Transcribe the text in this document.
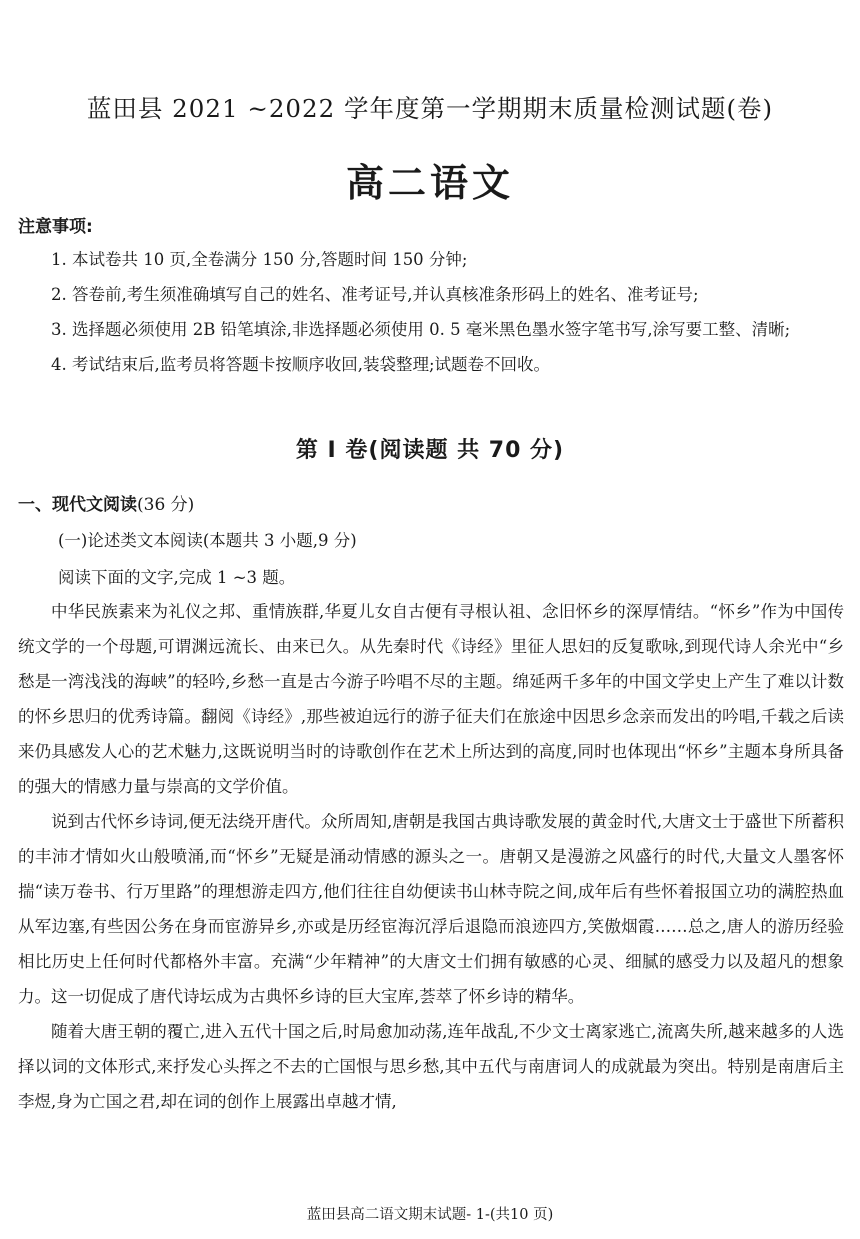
蓝田县 2021 ~2022 学年度第一学期期末质量检测试题(卷)
高二语文
注意事项:

1. 本试卷共 10 页,全卷满分 150 分,答题时间 150 分钟;

2. 答卷前,考生须准确填写自己的姓名、准考证号,并认真核准条形码上的姓名、准考证号;

3. 选择题必须使用 2B 铅笔填涂,非选择题必须使用 0. 5 毫米黑色墨水签字笔书写,涂写要工整、清晰;

4. 考试结束后,监考员将答题卡按顺序收回,装袋整理;试题卷不回收。

第 Ⅰ 卷(阅读题 共 70 分)
一、现代文阅读(36 分)
(一)论述类文本阅读(本题共 3 小题,9 分)
阅读下面的文字,完成 1 ~3 题。

中华民族素来为礼仪之邦、重情族群,华夏儿女自古便有寻根认祖、念旧怀乡的深厚情结。“怀乡”作为中国传统文学的一个母题,可谓渊远流长、由来已久。从先秦时代《诗经》里征人思妇的反复歌咏,到现代诗人余光中“乡愁是一湾浅浅的海峡”的轻吟,乡愁一直是古今游子吟唱不尽的主题。绵延两千多年的中国文学史上产生了难以计数的怀乡思归的优秀诗篇。翻阅《诗经》,那些被迫远行的游子征夫们在旅途中因思乡念亲而发出的吟唱,千载之后读来仍具感发人心的艺术魅力,这既说明当时的诗歌创作在艺术上所达到的高度,同时也体现出“怀乡”主题本身所具备的强大的情感力量与崇高的文学价值。

说到古代怀乡诗词,便无法绕开唐代。众所周知,唐朝是我国古典诗歌发展的黄金时代,大唐文士于盛世下所蓄积的丰沛才情如火山般喷涌,而“怀乡”无疑是涌动情感的源头之一。唐朝又是漫游之风盛行的时代,大量文人墨客怀揣“读万卷书、行万里路”的理想游走四方,他们往往自幼便读书山林寺院之间,成年后有些怀着报国立功的满腔热血从军边塞,有些因公务在身而宦游异乡,亦或是历经宦海沉浮后退隐而浪迹四方,笑傲烟霞……总之,唐人的游历经验相比历史上任何时代都格外丰富。充满“少年精神”的大唐文士们拥有敏感的心灵、细腻的感受力以及超凡的想象力。这一切促成了唐代诗坛成为古典怀乡诗的巨大宝库,荟萃了怀乡诗的精华。

随着大唐王朝的覆亡,进入五代十国之后,时局愈加动荡,连年战乱,不少文士离家逃亡,流离失所,越来越多的人选择以词的文体形式,来抒发心头挥之不去的亡国恨与思乡愁,其中五代与南唐词人的成就最为突出。特别是南唐后主李煜,身为亡国之君,却在词的创作上展露出卓越才情,

蓝田县高二语文期末试题- 1-(共10 页)
